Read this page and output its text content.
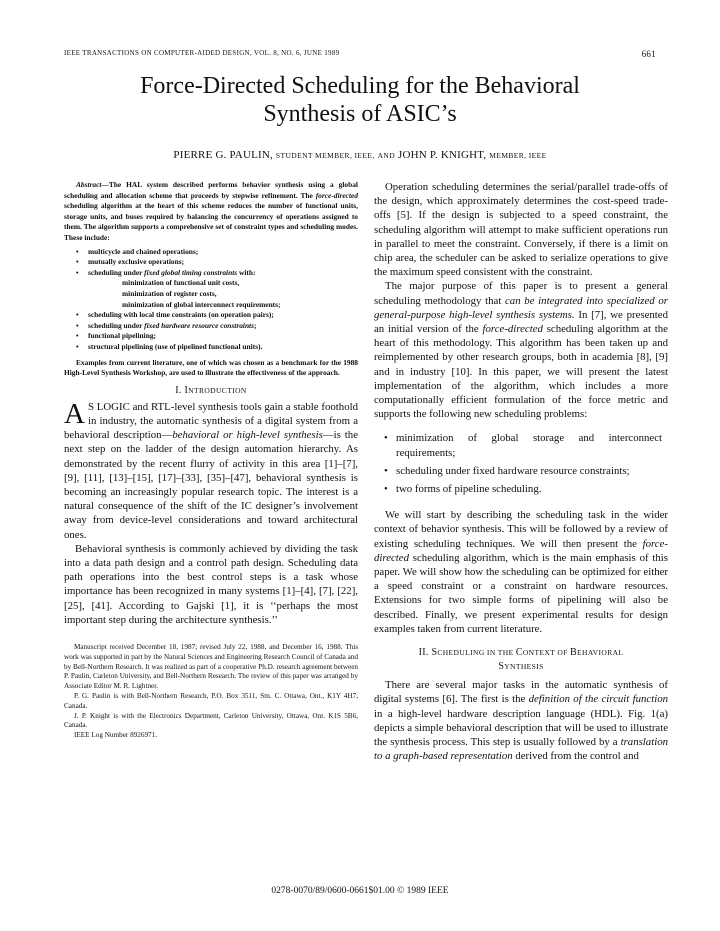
IEEE TRANSACTIONS ON COMPUTER-AIDED DESIGN, VOL. 8, NO. 6, JUNE 1989	661
Force-Directed Scheduling for the Behavioral
Synthesis of ASIC’s
PIERRE G. PAULIN, STUDENT MEMBER, IEEE, AND JOHN P. KNIGHT, MEMBER, IEEE

Abstract—The HAL system described performs behavior synthesis using a global scheduling and allocation scheme that proceeds by stepwise refinement. The force-directed scheduling algorithm at the heart of this scheme reduces the number of functional units, storage units, and buses required by balancing the concurrency of operations assigned to them. The algorithm supports a comprehensive set of constraint types and scheduling modes. These include:

• multicycle and chained operations;
• mutually exclusive operations;
• scheduling under fixed global timing constraints with:
minimization of functional unit costs,
minimization of register costs,
minimization of global interconnect requirements;
• scheduling with local time constraints (on operation pairs);
• scheduling under fixed hardware resource constraints;
• functional pipelining;
• structural pipelining (use of pipelined functional units).

Examples from current literature, one of which was chosen as a benchmark for the 1988 High-Level Synthesis Workshop, are used to illustrate the effectiveness of the approach.

I. INTRODUCTION

A S LOGIC and RTL-level synthesis tools gain a stable foothold in industry, the automatic synthesis of a digital system from a behavioral description—behavioral or high-level synthesis—is the next step on the ladder of the design automation hierarchy. As demonstrated by the recent flurry of activity in this area [1]–[7], [9], [11], [13]–[15], [17]–[33], [35]–[47], behavioral synthesis is becoming an increasingly popular research topic. The interest is a natural consequence of the shift of the IC designer’s involvement away from device-level considerations and toward architectural ones.

Behavioral synthesis is commonly achieved by dividing the task into a data path design and a control path design. Scheduling data path operations into the best control steps is a task whose importance has been recognized in many systems [1]–[4], [7], [22], [25], [41]. According to Gajski [1], it is ‘‘perhaps the most important step during the architecture synthesis.’’

Manuscript received December 18, 1987; revised July 22, 1988, and December 16, 1988. This work was supported in part by the Natural Sciences and Engineering Research Council of Canada and by Bell-Northern Research. It was realized as part of a cooperative Ph.D. research agreement between P. Paulin, Carleton University, and Bell-Northern Research. The review of this paper was arranged by Associate Editor M. R. Lightner.

P. G. Paulin is with Bell-Northern Research, P.O. Box 3511, Stn. C. Ottawa, Ont., K1Y 4H7, Canada.

J. P. Knight is with the Electronics Department, Carleton University, Ottawa, Ont. K1S 5B6, Canada.

IEEE Log Number 8926971.

Operation scheduling determines the serial/parallel trade-offs of the design, which approximately determines the cost-speed trade-offs [5]. If the design is subjected to a speed constraint, the scheduling algorithm will attempt to make sufficient operations run in parallel to meet the constraint. Conversely, if there is a limit on chip area, the scheduler can be asked to serialize operations to give the maximum speed consistent with the constraint.

The major purpose of this paper is to present a general scheduling methodology that can be integrated into specialized or general-purpose high-level synthesis systems. In [7], we presented an initial version of the force-directed scheduling algorithm at the heart of this methodology. This algorithm has been taken up and reimplemented by other research groups, both in academia [8], [9] and in industry [10]. In this paper, we will present the latest implementation of the algorithm, which includes a more computationally efficient formulation of the force metric and supports the following new scheduling problems:

• minimization of global storage and interconnect requirements;
• scheduling under fixed hardware resource constraints;
• two forms of pipeline scheduling.

We will start by describing the scheduling task in the wider context of behavior synthesis. This will be followed by a review of existing scheduling techniques. We will then present the force-directed scheduling algorithm, which is the main emphasis of this paper. We will show how the scheduling can be optimized for either a speed constraint or a constraint on hardware resources. Extensions for two simple forms of pipelining will also be described. Finally, we present experimental results for design examples taken from current literature.

II. SCHEDULING IN THE CONTEXT OF BEHAVIORAL
SYNTHESIS

There are several major tasks in the automatic synthesis of digital systems [6]. The first is the definition of the circuit function in a high-level hardware description language (HDL). Fig. 1(a) depicts a simple behavioral description that will be used to illustrate the synthesis process. This step is usually followed by a translation to a graph-based representation derived from the control and

0278-0070/89/0600-0661$01.00 © 1989 IEEE
